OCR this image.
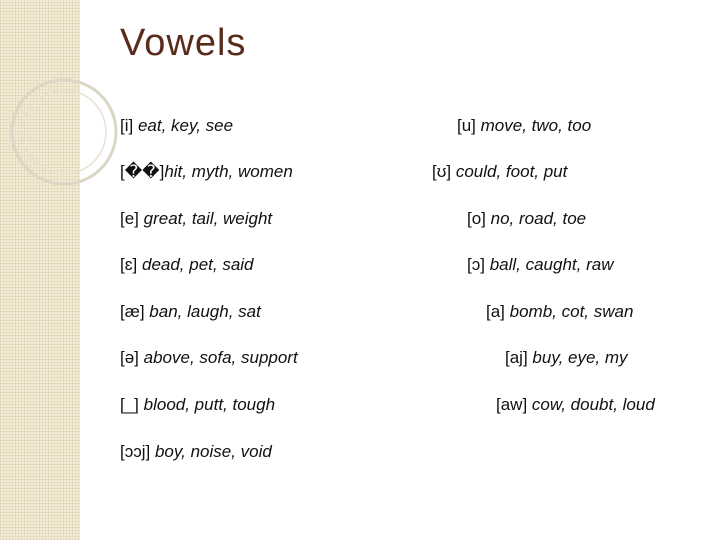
Vowels
[i] eat, key, see
[��]hit, myth, women
[e] great, tail, weight
[ɛ] dead, pet, said
[æ] ban, laugh, sat
[ə] above, sofa, support
[_] blood, putt, tough
[ɔɔj] boy, noise, void
[u] move, two, too
[ʊ] could, foot, put
[o] no, road, toe
[ɔ] ball, caught, raw
[a] bomb, cot, swan
[aj] buy, eye, my
[aw] cow, doubt, loud
